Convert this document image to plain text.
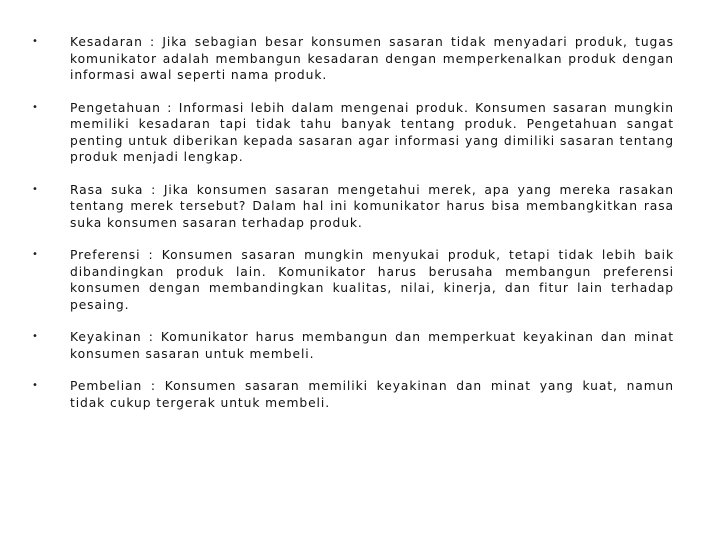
•	Kesadaran : Jika sebagian besar konsumen sasaran tidak menyadari produk, tugas komunikator adalah membangun kesadaran dengan memperkenalkan produk dengan informasi awal seperti nama produk.

•	Pengetahuan : Informasi lebih dalam mengenai produk. Konsumen sasaran mungkin memiliki kesadaran tapi tidak tahu banyak tentang produk. Pengetahuan sangat penting untuk diberikan kepada sasaran agar informasi yang dimiliki sasaran tentang produk menjadi lengkap.

•	Rasa suka : Jika konsumen sasaran mengetahui merek, apa yang mereka rasakan tentang merek tersebut? Dalam hal ini komunikator harus bisa membangkitkan rasa suka konsumen sasaran terhadap produk.

•	Preferensi : Konsumen sasaran mungkin menyukai produk, tetapi tidak lebih baik dibandingkan produk lain. Komunikator harus berusaha membangun preferensi konsumen dengan membandingkan kualitas, nilai, kinerja, dan fitur lain terhadap pesaing.

•	Keyakinan : Komunikator harus membangun dan memperkuat keyakinan dan minat konsumen sasaran untuk membeli.

•	Pembelian : Konsumen sasaran memiliki keyakinan dan minat yang kuat, namun tidak cukup tergerak untuk membeli.
